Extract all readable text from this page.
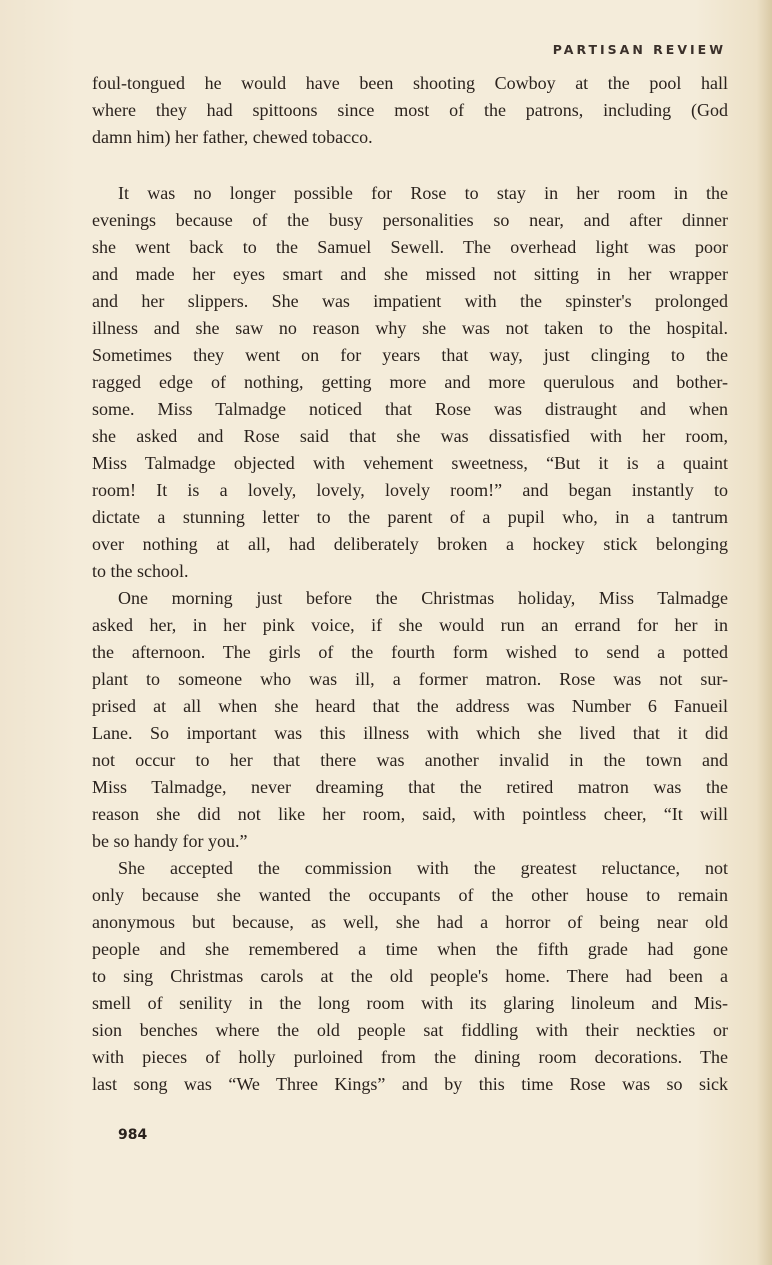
PARTISAN REVIEW
foul-tongued he would have been shooting Cowboy at the pool hall
where they had spittoons since most of the patrons, including (God
damn him) her father, chewed tobacco.
It was no longer possible for Rose to stay in her room in the
evenings because of the busy personalities so near, and after dinner
she went back to the Samuel Sewell. The overhead light was poor
and made her eyes smart and she missed not sitting in her wrapper
and her slippers. She was impatient with the spinster's prolonged
illness and she saw no reason why she was not taken to the hospital.
Sometimes they went on for years that way, just clinging to the
ragged edge of nothing, getting more and more querulous and bother-
some. Miss Talmadge noticed that Rose was distraught and when
she asked and Rose said that she was dissatisfied with her room,
Miss Talmadge objected with vehement sweetness, “But it is a quaint
room! It is a lovely, lovely, lovely room!” and began instantly to
dictate a stunning letter to the parent of a pupil who, in a tantrum
over nothing at all, had deliberately broken a hockey stick belonging
to the school.
One morning just before the Christmas holiday, Miss Talmadge
asked her, in her pink voice, if she would run an errand for her in
the afternoon. The girls of the fourth form wished to send a potted
plant to someone who was ill, a former matron. Rose was not sur-
prised at all when she heard that the address was Number 6 Fanueil
Lane. So important was this illness with which she lived that it did
not occur to her that there was another invalid in the town and
Miss Talmadge, never dreaming that the retired matron was the
reason she did not like her room, said, with pointless cheer, “It will
be so handy for you.”
She accepted the commission with the greatest reluctance, not
only because she wanted the occupants of the other house to remain
anonymous but because, as well, she had a horror of being near old
people and she remembered a time when the fifth grade had gone
to sing Christmas carols at the old people's home. There had been a
smell of senility in the long room with its glaring linoleum and Mis-
sion benches where the old people sat fiddling with their neckties or
with pieces of holly purloined from the dining room decorations. The
last song was “We Three Kings” and by this time Rose was so sick
984
